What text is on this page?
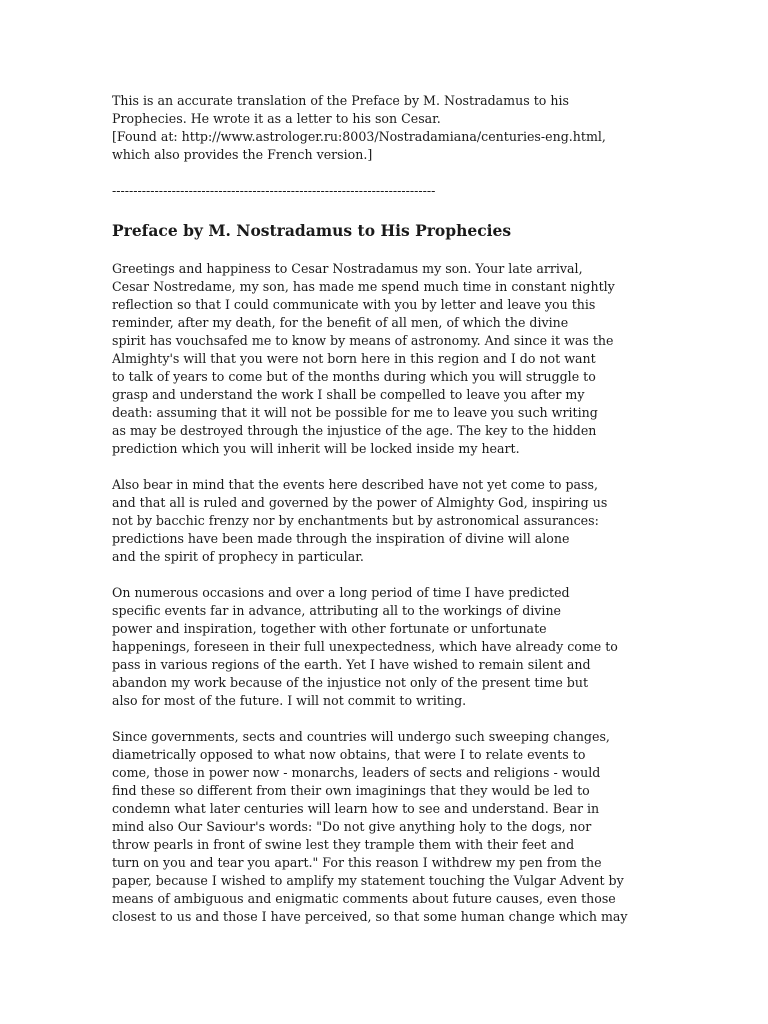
This is an accurate translation of the Preface by M. Nostradamus to his
Prophecies. He wrote it as a letter to his son Cesar.
[Found at: http://www.astrologer.ru:8003/Nostradamiana/centuries-eng.html,
which also provides the French version.]
----------------------------------------------------------------------------
Preface by M. Nostradamus to His Prophecies
Greetings and happiness to Cesar Nostradamus my son. Your late arrival,
Cesar Nostredame, my son, has made me spend much time in constant nightly
reflection so that I could communicate with you by letter and leave you this
reminder, after my death, for the benefit of all men, of which the divine
spirit has vouchsafed me to know by means of astronomy. And since it was the
Almighty's will that you were not born here in this region and I do not want
to talk of years to come but of the months during which you will struggle to
grasp and understand the work I shall be compelled to leave you after my
death: assuming that it will not be possible for me to leave you such writing
as may be destroyed through the injustice of the age. The key to the hidden
prediction which you will inherit will be locked inside my heart.
Also bear in mind that the events here described have not yet come to pass,
and that all is ruled and governed by the power of Almighty God, inspiring us
not by bacchic frenzy nor by enchantments but by astronomical assurances:
predictions have been made through the inspiration of divine will alone
and the spirit of prophecy in particular.
On numerous occasions and over a long period of time I have predicted
specific events far in advance, attributing all to the workings of divine
power and inspiration, together with other fortunate or unfortunate
happenings, foreseen in their full unexpectedness, which have already come to
pass in various regions of the earth. Yet I have wished to remain silent and
abandon my work because of the injustice not only of the present time but
also for most of the future. I will not commit to writing.
Since governments, sects and countries will undergo such sweeping changes,
diametrically opposed to what now obtains, that were I to relate events to
come, those in power now - monarchs, leaders of sects and religions - would
find these so different from their own imaginings that they would be led to
condemn what later centuries will learn how to see and understand. Bear in
mind also Our Saviour's words: "Do not give anything holy to the dogs, nor
throw pearls in front of swine lest they trample them with their feet and
turn on you and tear you apart." For this reason I withdrew my pen from the
paper, because I wished to amplify my statement touching the Vulgar Advent by
means of ambiguous and enigmatic comments about future causes, even those
closest to us and those I have perceived, so that some human change which may
